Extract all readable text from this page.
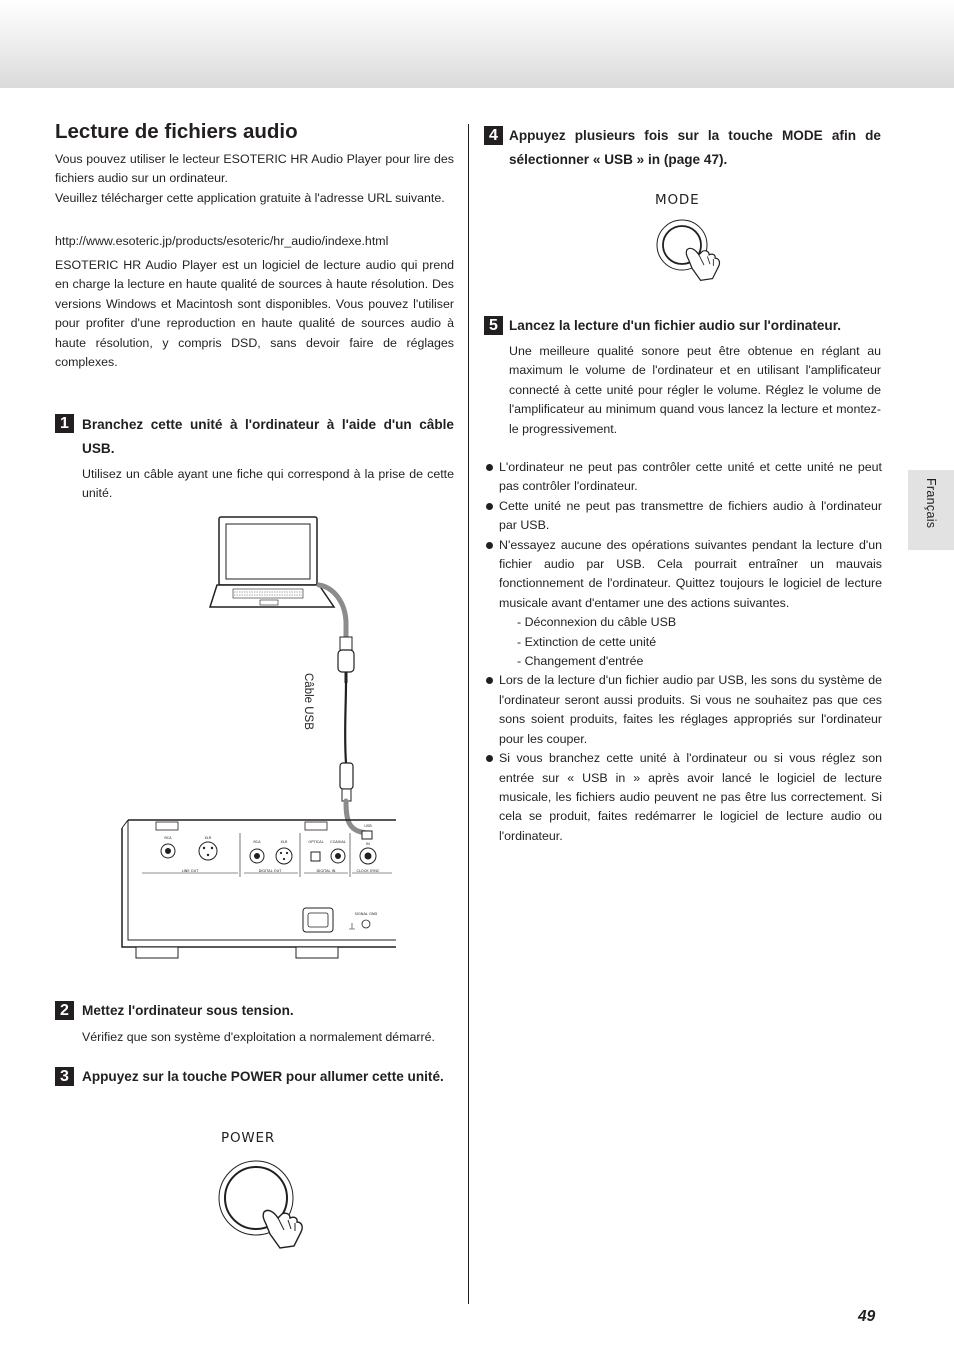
Français
Lecture de fichiers audio

Vous pouvez utiliser le lecteur ESOTERIC HR Audio Player pour lire des fichiers audio sur un ordinateur.

Veuillez télécharger cette application gratuite à l'adresse URL suivante.

http://www.esoteric.jp/products/esoteric/hr_audio/indexe.html

ESOTERIC HR Audio Player est un logiciel de lecture audio qui prend en charge la lecture en haute qualité de sources à haute résolution. Des versions Windows et Macintosh sont disponibles. Vous pouvez l'utiliser pour profiter d'une reproduction en haute qualité de sources audio à haute résolution, y compris DSD, sans devoir faire de réglages complexes.

1 Branchez cette unité à l'ordinateur à l'aide d'un câble USB.

Utilisez un câble ayant une fiche qui correspond à la prise de cette unité.

USB
LINE OUT	DIGITAL OUT	DIGITAL IN	CLOCK SYNC
RCA	XLR
RCA	XLR	OPTICAL COAXIAL	IN
SIGNAL GND
Câble USB
2 Mettez l'ordinateur sous tension.

Vérifiez que son système d'exploitation a normalement démarré.

3 Appuyez sur la touche POWER pour allumer cette unité.

POWER
4 Appuyez plusieurs fois sur la touche MODE afin de sélectionner « USB » in (page 47).

MODE
5 Lancez la lecture d'un fichier audio sur l'ordinateur.

Une meilleure qualité sonore peut être obtenue en réglant au maximum le volume de l'ordinateur et en utilisant l'amplificateur connecté à cette unité pour régler le volume. Réglez le volume de l'amplificateur au minimum quand vous lancez la lecture et montez-le progressivement.

L'ordinateur ne peut pas contrôler cette unité et cette unité ne peut pas contrôler l'ordinateur.
Cette unité ne peut pas transmettre de fichiers audio à l'ordinateur par USB.
N'essayez aucune des opérations suivantes pendant la lecture d'un fichier audio par USB. Cela pourrait entraîner un mauvais fonctionnement de l'ordinateur. Quittez toujours le logiciel de lecture musicale avant d'entamer une des actions suivantes.
- Déconnexion du câble USB
- Extinction de cette unité
- Changement d'entrée
Lors de la lecture d'un fichier audio par USB, les sons du système de l'ordinateur seront aussi produits. Si vous ne souhaitez pas que ces sons soient produits, faites les réglages appropriés sur l'ordinateur pour les couper.
Si vous branchez cette unité à l'ordinateur ou si vous réglez son entrée sur « USB in » après avoir lancé le logiciel de lecture musicale, les fichiers audio peuvent ne pas être lus correctement. Si cela se produit, faites redémarrer le logiciel de lecture audio ou l'ordinateur.
49
